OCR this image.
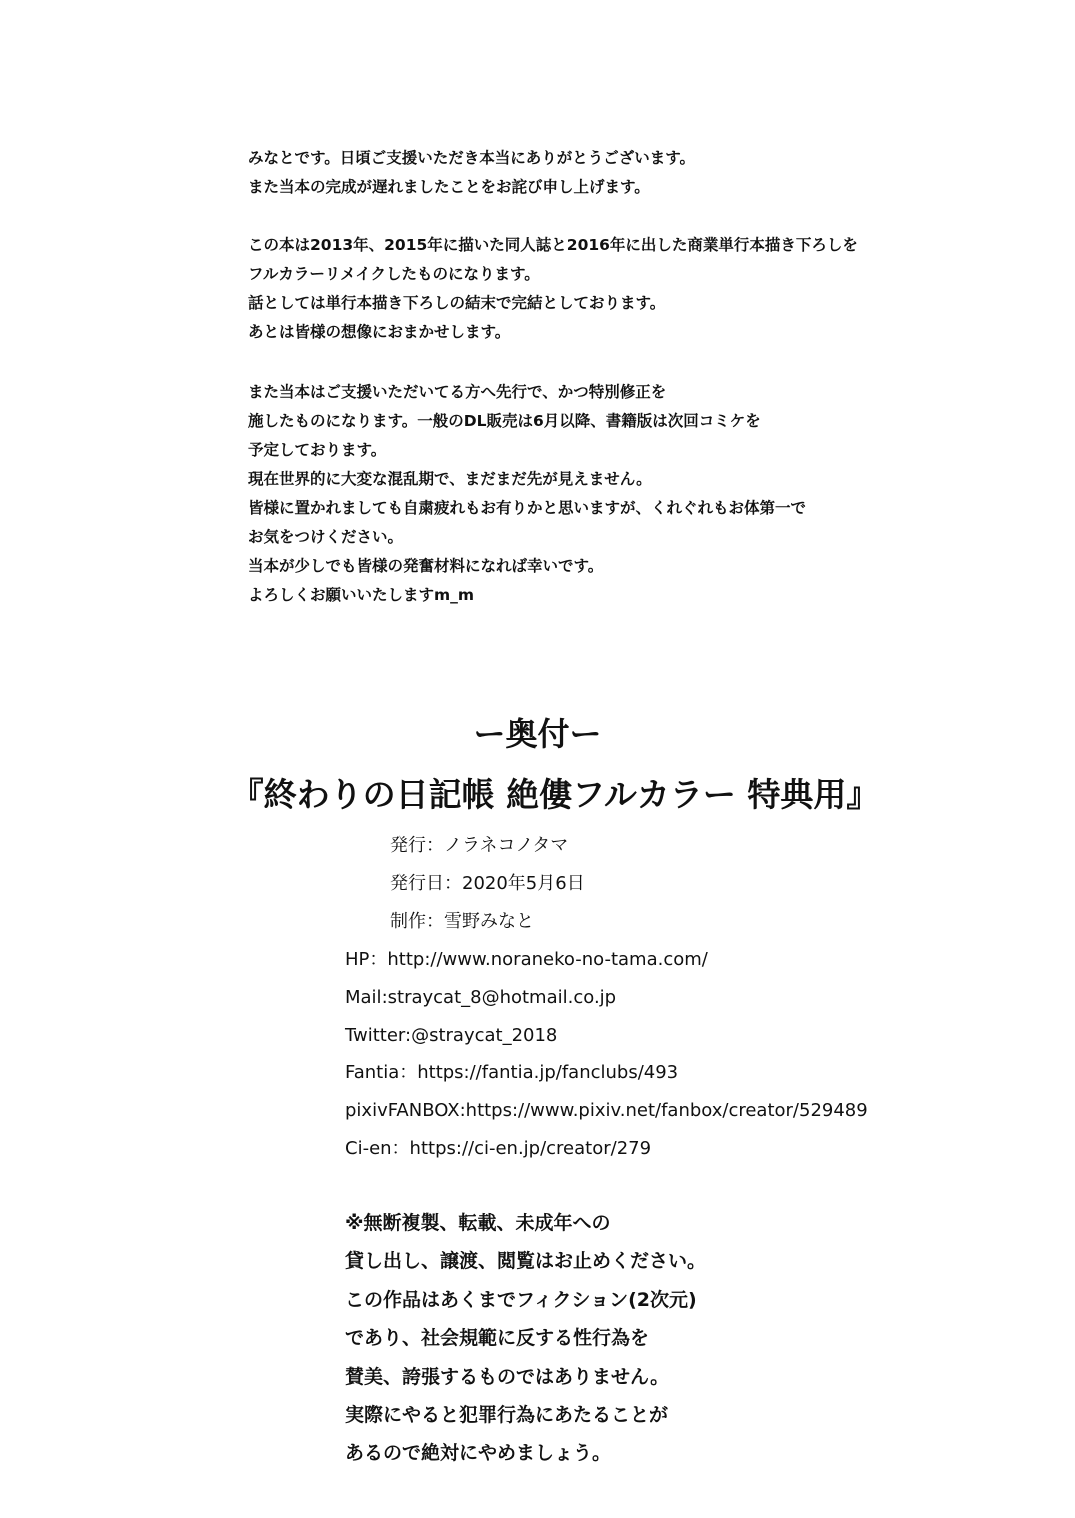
みなとです。日頃ご支援いただき本当にありがとうございます。
また当本の完成が遅れましたことをお詫び申し上げます。
この本は2013年、2015年に描いた同人誌と2016年に出した商業単行本描き下ろしを
フルカラーリメイクしたものになります。
話としては単行本描き下ろしの結末で完結としております。
あとは皆様の想像におまかせします。
また当本はご支援いただいてる方へ先行で、かつ特別修正を
施したものになります。一般のDL販売は6月以降、書籍版は次回コミケを
予定しております。
現在世界的に大変な混乱期で、まだまだ先が見えません。
皆様に置かれましても自粛疲れもお有りかと思いますが、くれぐれもお体第一で
お気をつけください。
当本が少しでも皆様の発奮材料になれば幸いです。
よろしくお願いいたしますm_m
ー奥付ー
『終わりの日記帳 絶僂フルカラー 特典用』
発行：ノラネコノタマ
発行日：2020年5月6日
制作：雪野みなと
HP：http://www.noraneko-no-tama.com/
Mail:straycat_8@hotmail.co.jp
Twitter:@straycat_2018
Fantia：https://fantia.jp/fanclubs/493
pixivFANBOX:https://www.pixiv.net/fanbox/creator/529489
Ci-en：https://ci-en.jp/creator/279
※無断複製、転載、未成年への
貸し出し、譲渡、閲覧はお止めください。
この作品はあくまでフィクション(2次元)
であり、社会規範に反する性行為を
賛美、誇張するものではありません。
実際にやると犯罪行為にあたることが
あるので絶対にやめましょう。
